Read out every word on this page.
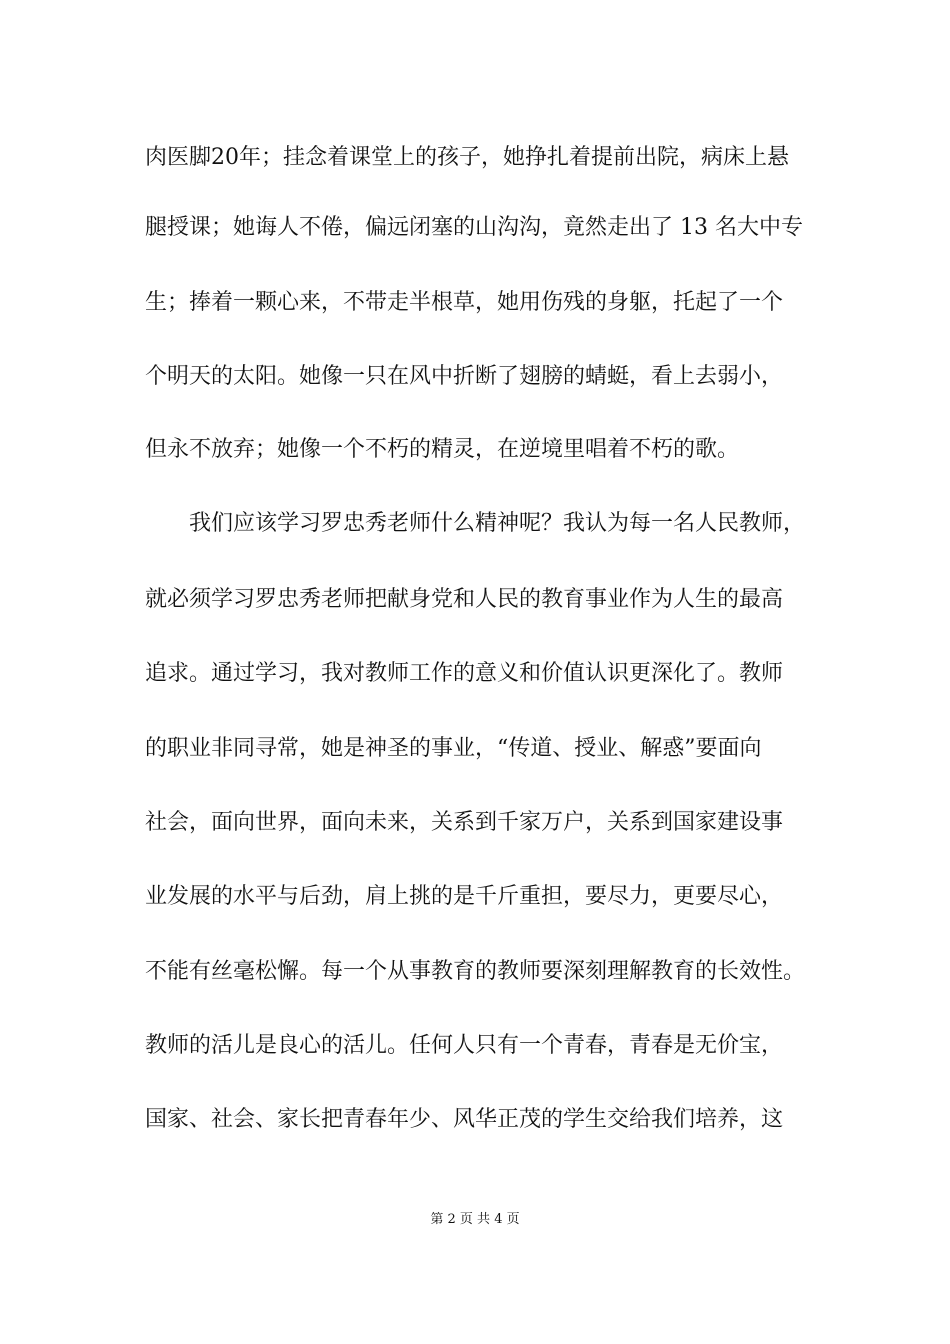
肉医脚20年；挂念着课堂上的孩子，她挣扎着提前出院，病床上悬
腿授课；她诲人不倦，偏远闭塞的山沟沟，竟然走出了 13 名大中专
生；捧着一颗心来，不带走半根草，她用伤残的身躯，托起了一个
个明天的太阳。她像一只在风中折断了翅膀的蜻蜓，看上去弱小，
但永不放弃；她像一个不朽的精灵，在逆境里唱着不朽的歌。
我们应该学习罗忠秀老师什么精神呢？我认为每一名人民教师，
就必须学习罗忠秀老师把献身党和人民的教育事业作为人生的最高
追求。通过学习，我对教师工作的意义和价值认识更深化了。教师
的职业非同寻常，她是神圣的事业，“传道、授业、解惑”要面向
社会，面向世界，面向未来，关系到千家万户，关系到国家建设事
业发展的水平与后劲，肩上挑的是千斤重担，要尽力，更要尽心，
不能有丝毫松懈。每一个从事教育的教师要深刻理解教育的长效性。
教师的活儿是良心的活儿。任何人只有一个青春，青春是无价宝，
国家、社会、家长把青春年少、风华正茂的学生交给我们培养，这
第 2 页 共 4 页
